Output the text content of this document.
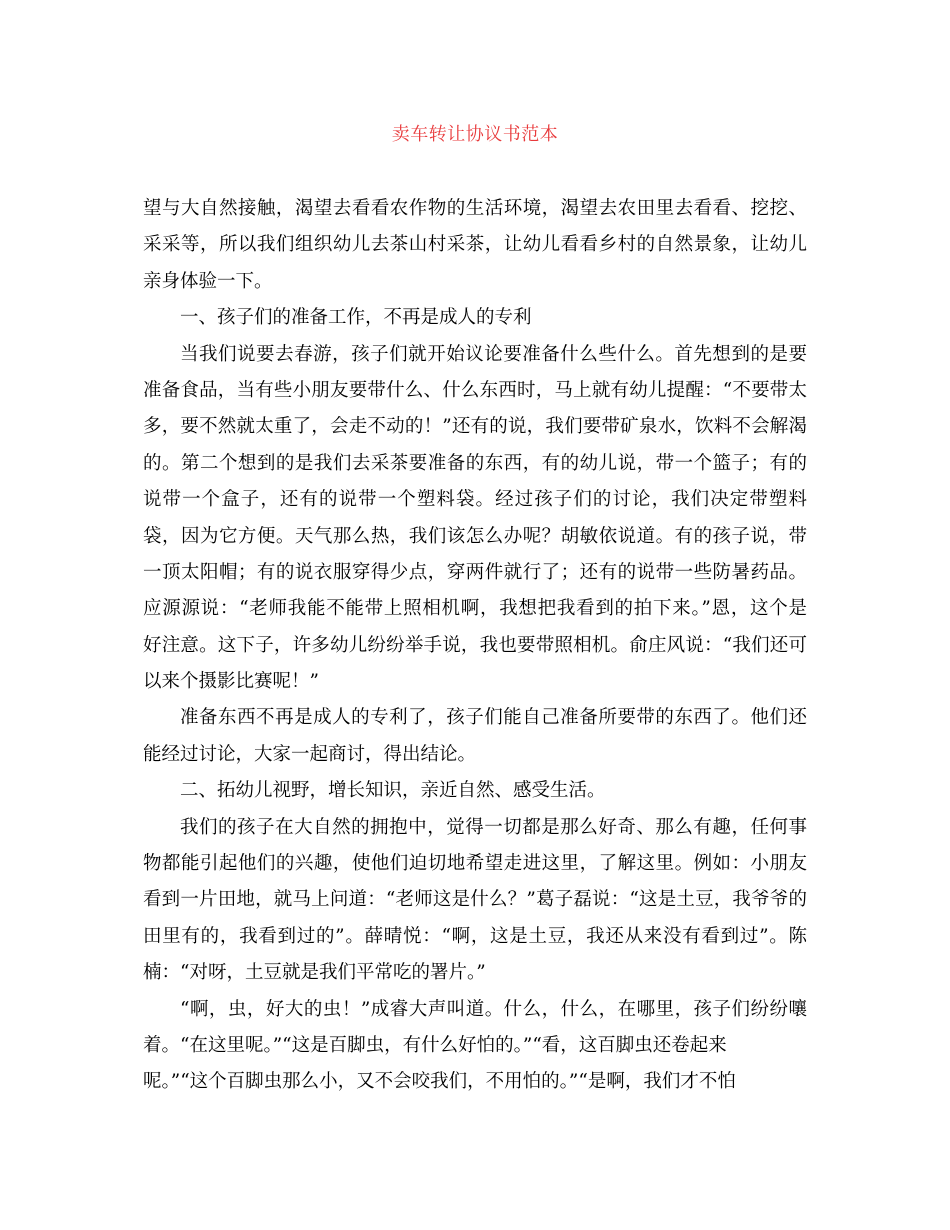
卖车转让协议书范本
望与大自然接触，渴望去看看农作物的生活环境，渴望去农田里去看看、挖挖、
采采等，所以我们组织幼儿去茶山村采茶，让幼儿看看乡村的自然景象，让幼儿
亲身体验一下。
一、孩子们的准备工作，不再是成人的专利
当我们说要去春游，孩子们就开始议论要准备什么些什么。首先想到的是要
准备食品，当有些小朋友要带什么、什么东西时，马上就有幼儿提醒：“不要带太
多，要不然就太重了，会走不动的！”还有的说，我们要带矿泉水，饮料不会解渴
的。第二个想到的是我们去采茶要准备的东西，有的幼儿说，带一个篮子；有的
说带一个盒子，还有的说带一个塑料袋。经过孩子们的讨论，我们决定带塑料
袋，因为它方便。天气那么热，我们该怎么办呢？胡敏依说道。有的孩子说，带
一顶太阳帽；有的说衣服穿得少点，穿两件就行了；还有的说带一些防暑药品。
应源源说：“老师我能不能带上照相机啊，我想把我看到的拍下来。”恩，这个是
好注意。这下子，许多幼儿纷纷举手说，我也要带照相机。俞庄风说：“我们还可
以来个摄影比赛呢！”
准备东西不再是成人的专利了，孩子们能自己准备所要带的东西了。他们还
能经过讨论，大家一起商讨，得出结论。
二、拓幼儿视野，增长知识，亲近自然、感受生活。
我们的孩子在大自然的拥抱中，觉得一切都是那么好奇、那么有趣，任何事
物都能引起他们的兴趣，使他们迫切地希望走进这里，了解这里。例如：小朋友
看到一片田地，就马上问道：“老师这是什么？”葛子磊说：“这是土豆，我爷爷的
田里有的，我看到过的”。薛晴悦：“啊，这是土豆，我还从来没有看到过”。陈
楠：“对呀，土豆就是我们平常吃的署片。”
“啊，虫，好大的虫！”成睿大声叫道。什么，什么，在哪里，孩子们纷纷嚷
着。“在这里呢。”“这是百脚虫，有什么好怕的。”“看，这百脚虫还卷起来
呢。”“这个百脚虫那么小，又不会咬我们，不用怕的。”“是啊，我们才不怕
